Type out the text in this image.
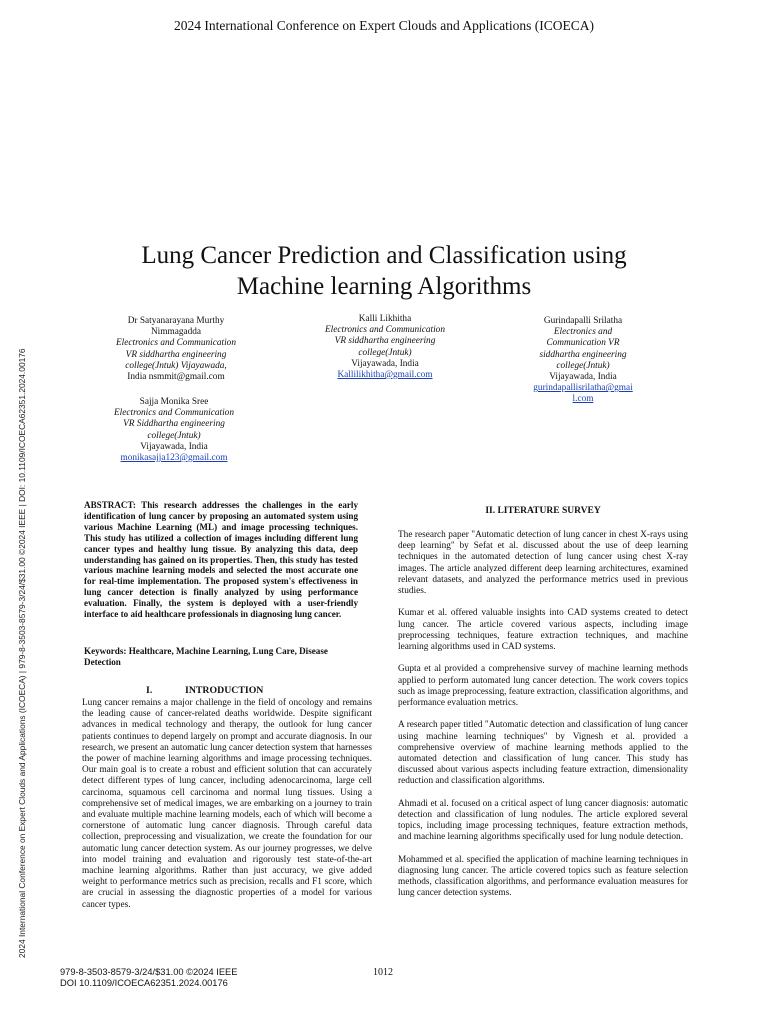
2024 International Conference on Expert Clouds and Applications (ICOECA)
2024 International Conference on Expert Clouds and Applications (ICOECA) | 979-8-3503-8579-3/24/$31.00 ©2024 IEEE | DOI: 10.1109/ICOECA62351.2024.00176
Lung Cancer Prediction and Classification using
Machine learning Algorithms
Dr Satyanarayana Murthy
Nimmagadda
Electronics and Communication
VR siddhartha engineering
college(Jntuk) Vijayawada,
India nsmmit@gmail.com
Kalli Likhitha
Electronics and Communication
VR siddhartha engineering
college(Jntuk)
Vijayawada, India
Kallilikhitha@gmail.com
Gurindapalli Srilatha
Electronics and
Communication VR
siddhartha engineering
college(Jntuk)
Vijayawada, India
gurindapallisrilatha@gmai
l.com
Sajja Monika Sree
Electronics and Communication
VR Siddhartha engineering
college(Jntuk)
Vijayawada, India
monikasajja123@gmail.com
ABSTRACT: This research addresses the challenges in the early identification of lung cancer by proposing an automated system using various Machine Learning (ML) and image processing techniques. This study has utilized a collection of images including different lung cancer types and healthy lung tissue. By analyzing this data, deep understanding has gained on its properties. Then, this study has tested various machine learning models and selected the most accurate one for real-time implementation. The proposed system's effectiveness in lung cancer detection is finally analyzed by using performance evaluation. Finally, the system is deployed with a user-friendly interface to aid healthcare professionals in diagnosing lung cancer.
Keywords: Healthcare, Machine Learning, Lung Care, Disease Detection
I.	INTRODUCTION

Lung cancer remains a major challenge in the field of oncology and remains the leading cause of cancer-related deaths worldwide. Despite significant advances in medical technology and therapy, the outlook for lung cancer patients continues to depend largely on prompt and accurate diagnosis. In our research, we present an automatic lung cancer detection system that harnesses the power of machine learning algorithms and image processing techniques. Our main goal is to create a robust and efficient solution that can accurately detect different types of lung cancer, including adenocarcinoma, large cell carcinoma, squamous cell carcinoma and normal lung tissues. Using a comprehensive set of medical images, we are embarking on a journey to train and evaluate multiple machine learning models, each of which will become a cornerstone of automatic lung cancer diagnosis. Through careful data collection, preprocessing and visualization, we create the foundation for our automatic lung cancer detection system. As our journey progresses, we delve into model training and evaluation and rigorously test state-of-the-art machine learning algorithms. Rather than just accuracy, we give added weight to performance metrics such as precision, recalls and F1 score, which are crucial in assessing the diagnostic properties of a model for various cancer types.

II. LITERATURE SURVEY

The research paper "Automatic detection of lung cancer in chest X-rays using deep learning" by Sefat et al. discussed about the use of deep learning techniques in the automated detection of lung cancer using chest X-ray images. The article analyzed different deep learning architectures, examined relevant datasets, and analyzed the performance metrics used in previous studies.

Kumar et al. offered valuable insights into CAD systems created to detect lung cancer. The article covered various aspects, including image preprocessing techniques, feature extraction techniques, and machine learning algorithms used in CAD systems.

Gupta et al provided a comprehensive survey of machine learning methods applied to perform automated lung cancer detection. The work covers topics such as image preprocessing, feature extraction, classification algorithms, and performance evaluation metrics.

A research paper titled "Automatic detection and classification of lung cancer using machine learning techniques" by Vignesh et al. provided a comprehensive overview of machine learning methods applied to the automated detection and classification of lung cancer. This study has discussed about various aspects including feature extraction, dimensionality reduction and classification algorithms.

Ahmadi et al. focused on a critical aspect of lung cancer diagnosis: automatic detection and classification of lung nodules. The article explored several topics, including image processing techniques, feature extraction methods, and machine learning algorithms specifically used for lung nodule detection.

Mohammed et al. specified the application of machine learning techniques in diagnosing lung cancer. The article covered topics such as feature selection methods, classification algorithms, and performance evaluation measures for lung cancer detection systems.

979-8-3503-8579-3/24/$31.00 ©2024 IEEE
DOI 10.1109/ICOECA62351.2024.00176
1012
